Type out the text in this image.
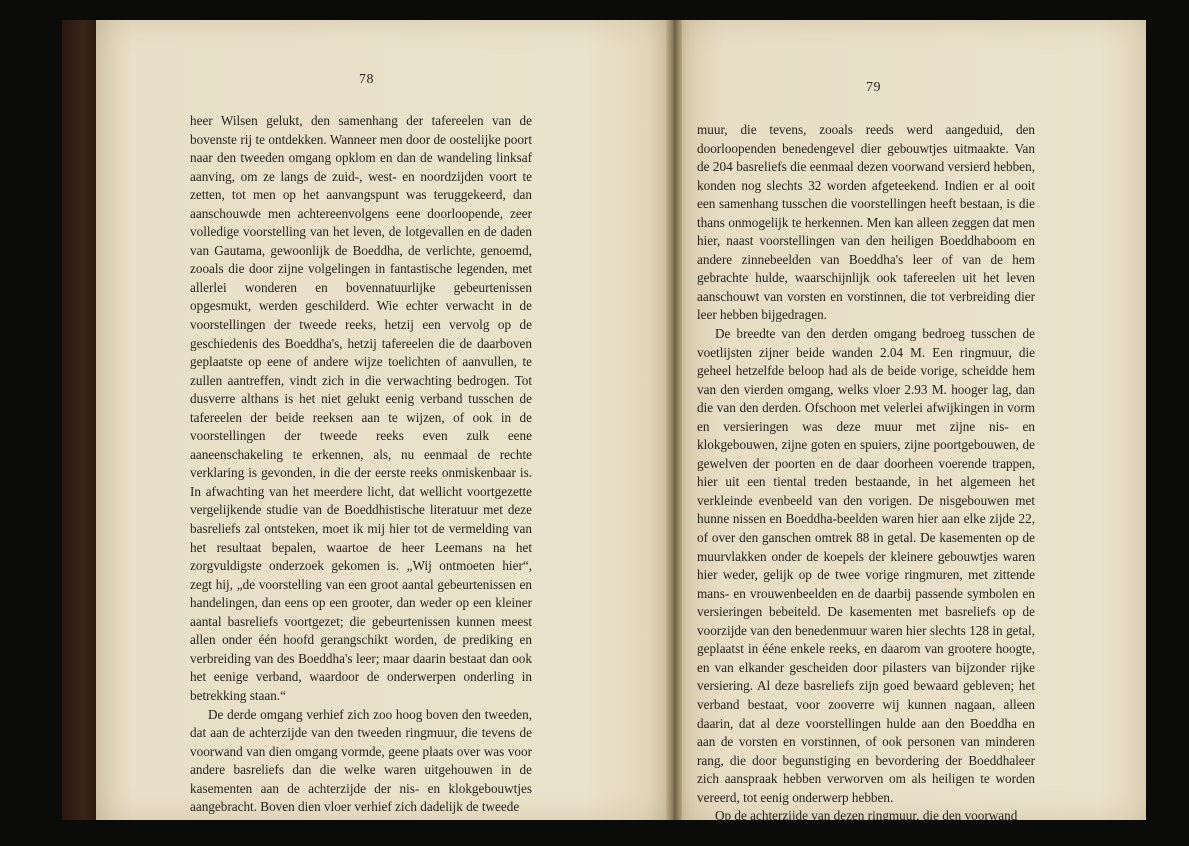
78
79

heer Wilsen gelukt, den samenhang der tafereelen van de bovenste rij te ontdekken. Wanneer men door de oostelijke poort naar den tweeden omgang opklom en dan de wandeling linksaf aanving, om ze langs de zuid-, west- en noordzijden voort te zetten, tot men op het aanvangspunt was teruggekeerd, dan aanschouwde men achtereenvolgens eene doorloopende, zeer volledige voorstelling van het leven, de lotgevallen en de daden van Gautama, gewoonlijk de Boeddha, de verlichte, genoemd, zooals die door zijne volgelingen in fantastische legenden, met allerlei wonderen en bovennatuurlijke gebeurtenissen opgesmukt, werden geschilderd. Wie echter verwacht in de voorstellingen der tweede reeks, hetzij een vervolg op de geschiedenis des Boeddha's, hetzij tafereelen die de daarboven geplaatste op eene of andere wijze toelichten of aanvullen, te zullen aantreffen, vindt zich in die verwachting bedrogen. Tot dusverre althans is het niet gelukt eenig verband tusschen de tafereelen der beide reeksen aan te wijzen, of ook in de voorstellingen der tweede reeks even zulk eene aaneenschakeling te erkennen, als, nu eenmaal de rechte verklaring is gevonden, in die der eerste reeks onmiskenbaar is. In afwachting van het meerdere licht, dat wellicht voortgezette vergelijkende studie van de Boeddhistische literatuur met deze basreliefs zal ontsteken, moet ik mij hier tot de vermelding van het resultaat bepalen, waartoe de heer Leemans na het zorgvuldigste onderzoek gekomen is. „Wij ontmoeten hier“, zegt hij, „de voorstelling van een groot aantal gebeurtenissen en handelingen, dan eens op een grooter, dan weder op een kleiner aantal basreliefs voortgezet; die gebeurtenissen kunnen meest allen onder één hoofd gerangschikt worden, de prediking en verbreiding van des Boeddha's leer; maar daarin bestaat dan ook het eenige verband, waardoor de onderwerpen onderling in betrekking staan.“

De derde omgang verhief zich zoo hoog boven den tweeden, dat aan de achterzijde van den tweeden ringmuur, die tevens de voorwand van dien omgang vormde, geene plaats over was voor andere basreliefs dan die welke waren uitgehouwen in de kasementen aan de achterzijde der nis- en klokgebouwtjes aangebracht. Boven dien vloer verhief zich dadelijk de tweede

muur, die tevens, zooals reeds werd aangeduid, den doorloopenden benedengevel dier gebouwtjes uitmaakte. Van de 204 basreliefs die eenmaal dezen voorwand versierd hebben, konden nog slechts 32 worden afgeteekend. Indien er al ooit een samenhang tusschen die voorstellingen heeft bestaan, is die thans onmogelijk te herkennen. Men kan alleen zeggen dat men hier, naast voorstellingen van den heiligen Boeddhaboom en andere zinnebeelden van Boeddha's leer of van de hem gebrachte hulde, waarschijnlijk ook tafereelen uit het leven aanschouwt van vorsten en vorstinnen, die tot verbreiding dier leer hebben bijgedragen.

De breedte van den derden omgang bedroeg tusschen de voetlijsten zijner beide wanden 2.04 M. Een ringmuur, die geheel hetzelfde beloop had als de beide vorige, scheidde hem van den vierden omgang, welks vloer 2.93 M. hooger lag, dan die van den derden. Ofschoon met velerlei afwijkingen in vorm en versieringen was deze muur met zijne nis- en klokgebouwen, zijne goten en spuiers, zijne poortgebouwen, de gewelven der poorten en de daar doorheen voerende trappen, hier uit een tiental treden bestaande, in het algemeen het verkleinde evenbeeld van den vorigen. De nisgebouwen met hunne nissen en Boeddha-beelden waren hier aan elke zijde 22, of over den ganschen omtrek 88 in getal. De kasementen op de muurvlakken onder de koepels der kleinere gebouwtjes waren hier weder, gelijk op de twee vorige ringmuren, met zittende mans- en vrouwenbeelden en de daarbij passende symbolen en versieringen bebeiteld. De kasementen met basreliefs op de voorzijde van den benedenmuur waren hier slechts 128 in getal, geplaatst in ééne enkele reeks, en daarom van grootere hoogte, en van elkander gescheiden door pilasters van bijzonder rijke versiering. Al deze basreliefs zijn goed bewaard gebleven; het verband bestaat, voor zooverre wij kunnen nagaan, alleen daarin, dat al deze voorstellingen hulde aan den Boeddha en aan de vorsten en vorstinnen, of ook personen van minderen rang, die door begunstiging en bevordering der Boeddhaleer zich aanspraak hebben verworven om als heiligen te worden vereerd, tot eenig onderwerp hebben.

Op de achterzijde van dezen ringmuur, die den voorwand
